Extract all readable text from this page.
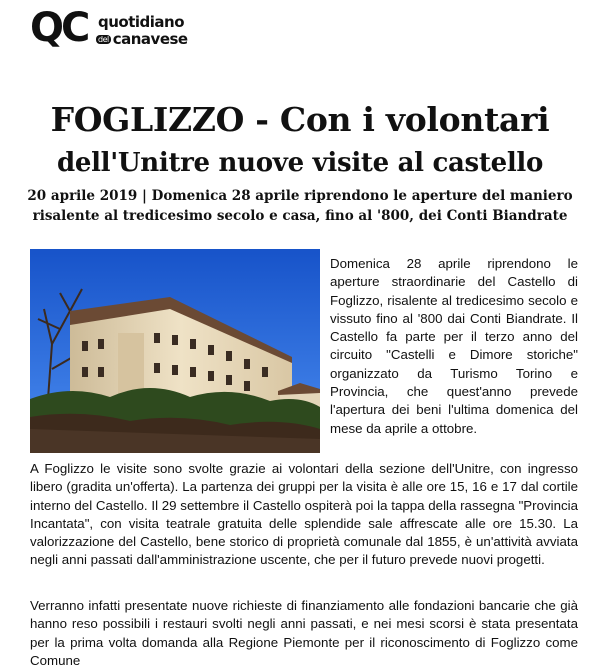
QC quotidiano
del canavese
FOGLIZZO - Con i volontari
dell'Unitre nuove visite al castello
20 aprile 2019 | Domenica 28 aprile riprendono le aperture del maniero risalente al tredicesimo secolo e casa, fino al '800, dei Conti Biandrate
Domenica 28 aprile riprendono le aperture straordinarie del Castello di Foglizzo, risalente al tredicesimo secolo e vissuto fino al '800 dai Conti Biandrate. Il Castello fa parte per il terzo anno del circuito "Castelli e Dimore storiche" organizzato da Turismo Torino e Provincia, che quest'anno prevede l'apertura dei beni l'ultima domenica del mese da aprile a ottobre.
A Foglizzo le visite sono svolte grazie ai volontari della sezione dell'Unitre, con ingresso libero (gradita un'offerta). La partenza dei gruppi per la visita è alle ore 15, 16 e 17 dal cortile interno del Castello. Il 29 settembre il Castello ospiterà poi la tappa della rassegna "Provincia Incantata", con visita teatrale gratuita delle splendide sale affrescate alle ore 15.30. La valorizzazione del Castello, bene storico di proprietà comunale dal 1855, è un'attività avviata negli anni passati dall'amministrazione uscente, che per il futuro prevede nuovi progetti.
Verranno infatti presentate nuove richieste di finanziamento alle fondazioni bancarie che già hanno reso possibili i restauri svolti negli anni passati, e nei mesi scorsi è stata presentata per la prima volta domanda alla Regione Piemonte per il riconoscimento di Foglizzo come Comune
